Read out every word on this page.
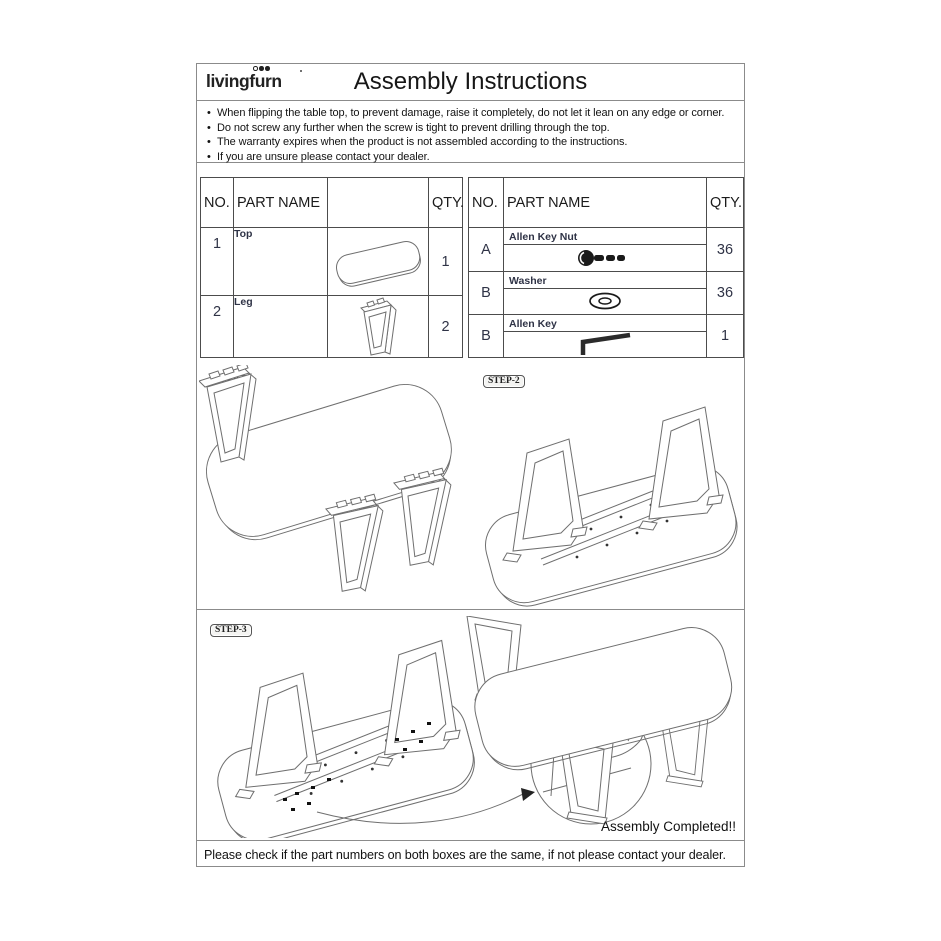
livingfurn	Assembly Instructions
• When flipping the table top, to prevent damage, raise it completely, do not let it lean on any edge or corner.
• Do not screw any further when the screw is tight to prevent drilling through the top.
• The warranty expires when the product is not assembled according to the instructions.
• If you are unsure please contact your dealer.
NO.	PART NAME		QTY.
1	Top		1
2	Leg		2
NO.	PART NAME	QTY.
A	Allen Key Nut	36
B	Washer	36
B	Allen Key	1
STEP-2
STEP-3
Assembly Completed!!
Please check if the part numbers on both boxes are the same, if not please contact your dealer.
